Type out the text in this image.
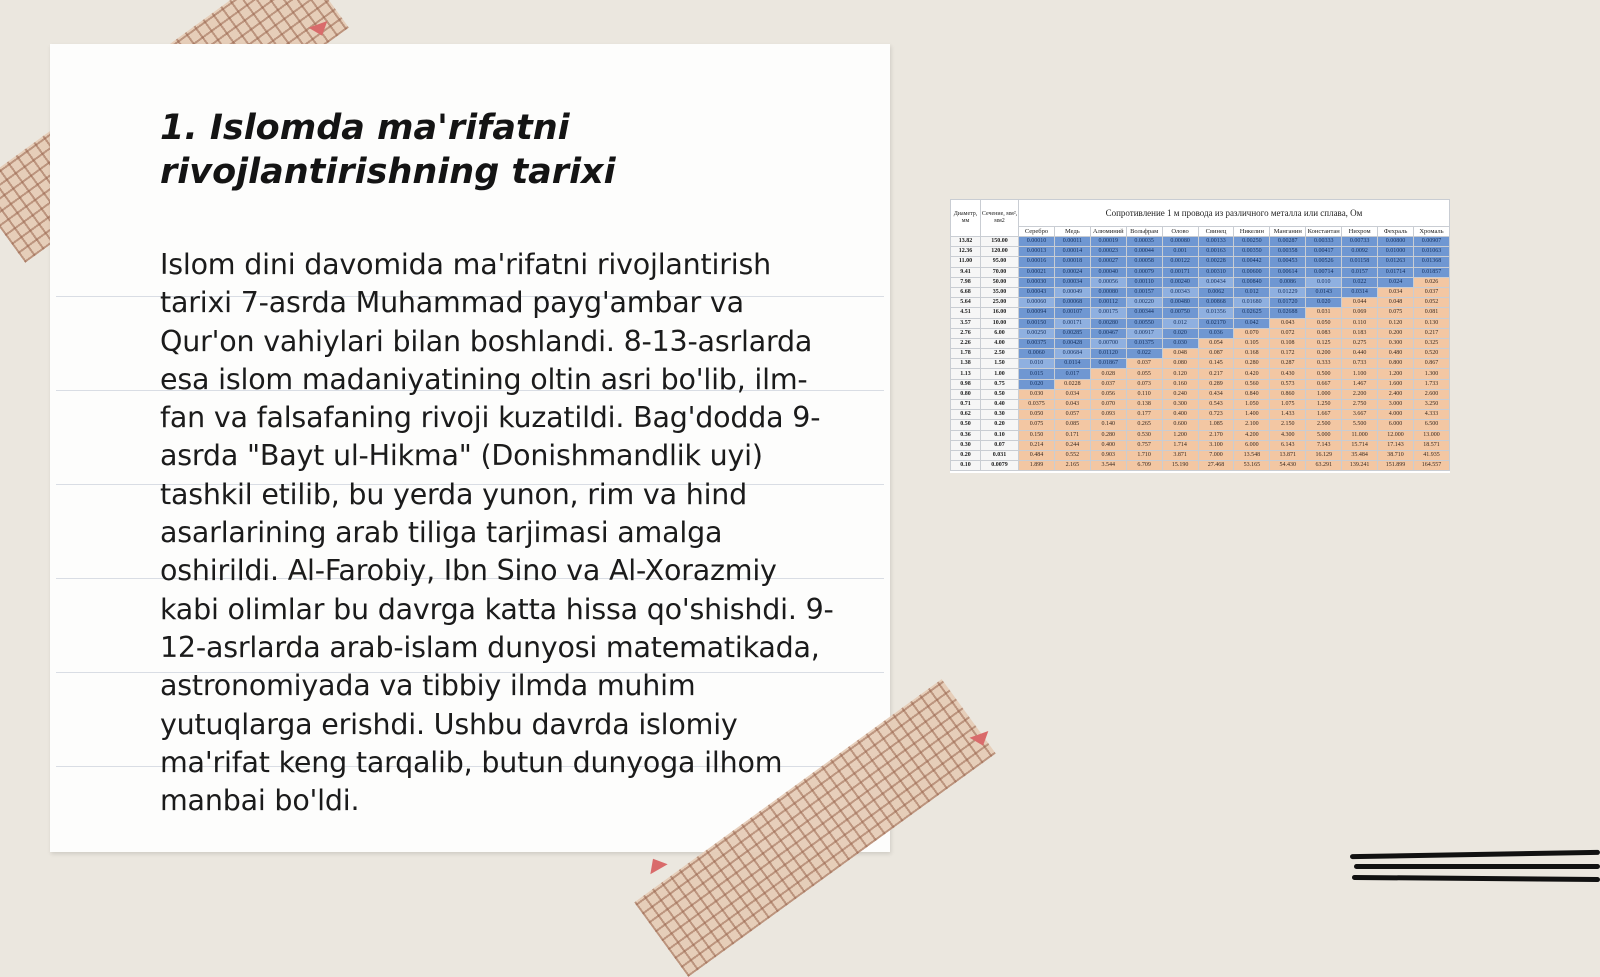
1. Islomda ma'rifatni rivojlantirishning tarixi

Islom dini davomida ma'rifatni rivojlantirish tarixi 7-asrda Muhammad payg'ambar va Qur'on vahiylari bilan boshlandi. 8-13-asrlarda esa islom madaniyatining oltin asri bo'lib, ilm-fan va falsafaning rivoji kuzatildi. Bag'dodda 9-asrda "Bayt ul-Hikma" (Donishmandlik uyi) tashkil etilib, bu yerda yunon, rim va hind asarlarining arab tiliga tarjimasi amalga oshirildi. Al-Farobiy, Ibn Sino va Al-Xorazmiy kabi olimlar bu davrga katta hissa qo'shishdi. 9-12-asrlarda arab-islam dunyosi matematikada, astronomiyada va tibbiy ilmda muhim yutuqlarga erishdi. Ushbu davrda islomiy ma'rifat keng tarqalib, butun dunyoga ilhom manbai bo'ldi.

Диаметр, мм	Сечение, мм², мм2	Сопротивление 1 м провода из различного металла или сплава, Ом											
		Серебро	Медь	Алюминий	Вольфрам	Олово	Свинец	Никелин	Манганин	Константан	Нихром	Фехраль	Хромаль
13.82	150.00	0.00010	0.00011	0.00019	0.00035	0.00080	0.00133	0.00250	0.00287	0.00333	0.00733	0.00800	0.00907
12.36	120.00	0.00013	0.00014	0.00023	0.00044	0.001	0.00163	0.00350	0.00358	0.00417	0.0092	0.01000	0.01063
11.00	95.00	0.00016	0.00018	0.00027	0.00058	0.00122	0.00228	0.00442	0.00453	0.00526	0.01158	0.01263	0.01368
9.41	70.00	0.00021	0.00024	0.00040	0.00079	0.00171	0.00310	0.00600	0.00614	0.00714	0.0157	0.01714	0.01857
7.98	50.00	0.00030	0.00034	0.00056	0.00110	0.00240	0.00434	0.00840	0.0086	0.010	0.022	0.024	0.026
6.68	35.00	0.00043	0.00049	0.00080	0.00157	0.00343	0.0062	0.012	0.01229	0.0143	0.0314	0.034	0.037
5.64	25.00	0.00060	0.00068	0.00112	0.00220	0.00480	0.00868	0.01680	0.01720	0.020	0.044	0.048	0.052
4.51	16.00	0.00094	0.00107	0.00175	0.00344	0.00750	0.01356	0.02625	0.02688	0.031	0.069	0.075	0.081
3.57	10.00	0.00150	0.00171	0.00280	0.00550	0.012	0.02170	0.042	0.043	0.050	0.110	0.120	0.130
2.76	6.00	0.00250	0.00285	0.00467	0.00917	0.020	0.036	0.070	0.072	0.083	0.183	0.200	0.217
2.26	4.00	0.00375	0.00428	0.00700	0.01375	0.030	0.054	0.105	0.108	0.125	0.275	0.300	0.325
1.78	2.50	0.0060	0.00684	0.01120	0.022	0.048	0.087	0.168	0.172	0.200	0.440	0.480	0.520
1.38	1.50	0.010	0.0114	0.01867	0.037	0.080	0.145	0.280	0.287	0.333	0.733	0.800	0.867
1.13	1.00	0.015	0.017	0.028	0.055	0.120	0.217	0.420	0.430	0.500	1.100	1.200	1.300
0.98	0.75	0.020	0.0228	0.037	0.073	0.160	0.289	0.560	0.573	0.667	1.467	1.600	1.733
0.80	0.50	0.030	0.034	0.056	0.110	0.240	0.434	0.840	0.860	1.000	2.200	2.400	2.600
0.71	0.40	0.0375	0.043	0.070	0.138	0.300	0.543	1.050	1.075	1.250	2.750	3.000	3.250
0.62	0.30	0.050	0.057	0.093	0.177	0.400	0.723	1.400	1.433	1.667	3.667	4.000	4.333
0.50	0.20	0.075	0.085	0.140	0.265	0.600	1.085	2.100	2.150	2.500	5.500	6.000	6.500
0.36	0.10	0.150	0.171	0.280	0.530	1.200	2.170	4.200	4.300	5.000	11.000	12.000	13.000
0.30	0.07	0.214	0.244	0.400	0.757	1.714	3.100	6.000	6.143	7.143	15.714	17.143	18.571
0.20	0.031	0.484	0.552	0.903	1.710	3.871	7.000	13.548	13.871	16.129	35.484	38.710	41.935
0.10	0.0079	1.899	2.165	3.544	6.709	15.190	27.468	53.165	54.430	63.291	139.241	151.899	164.557
